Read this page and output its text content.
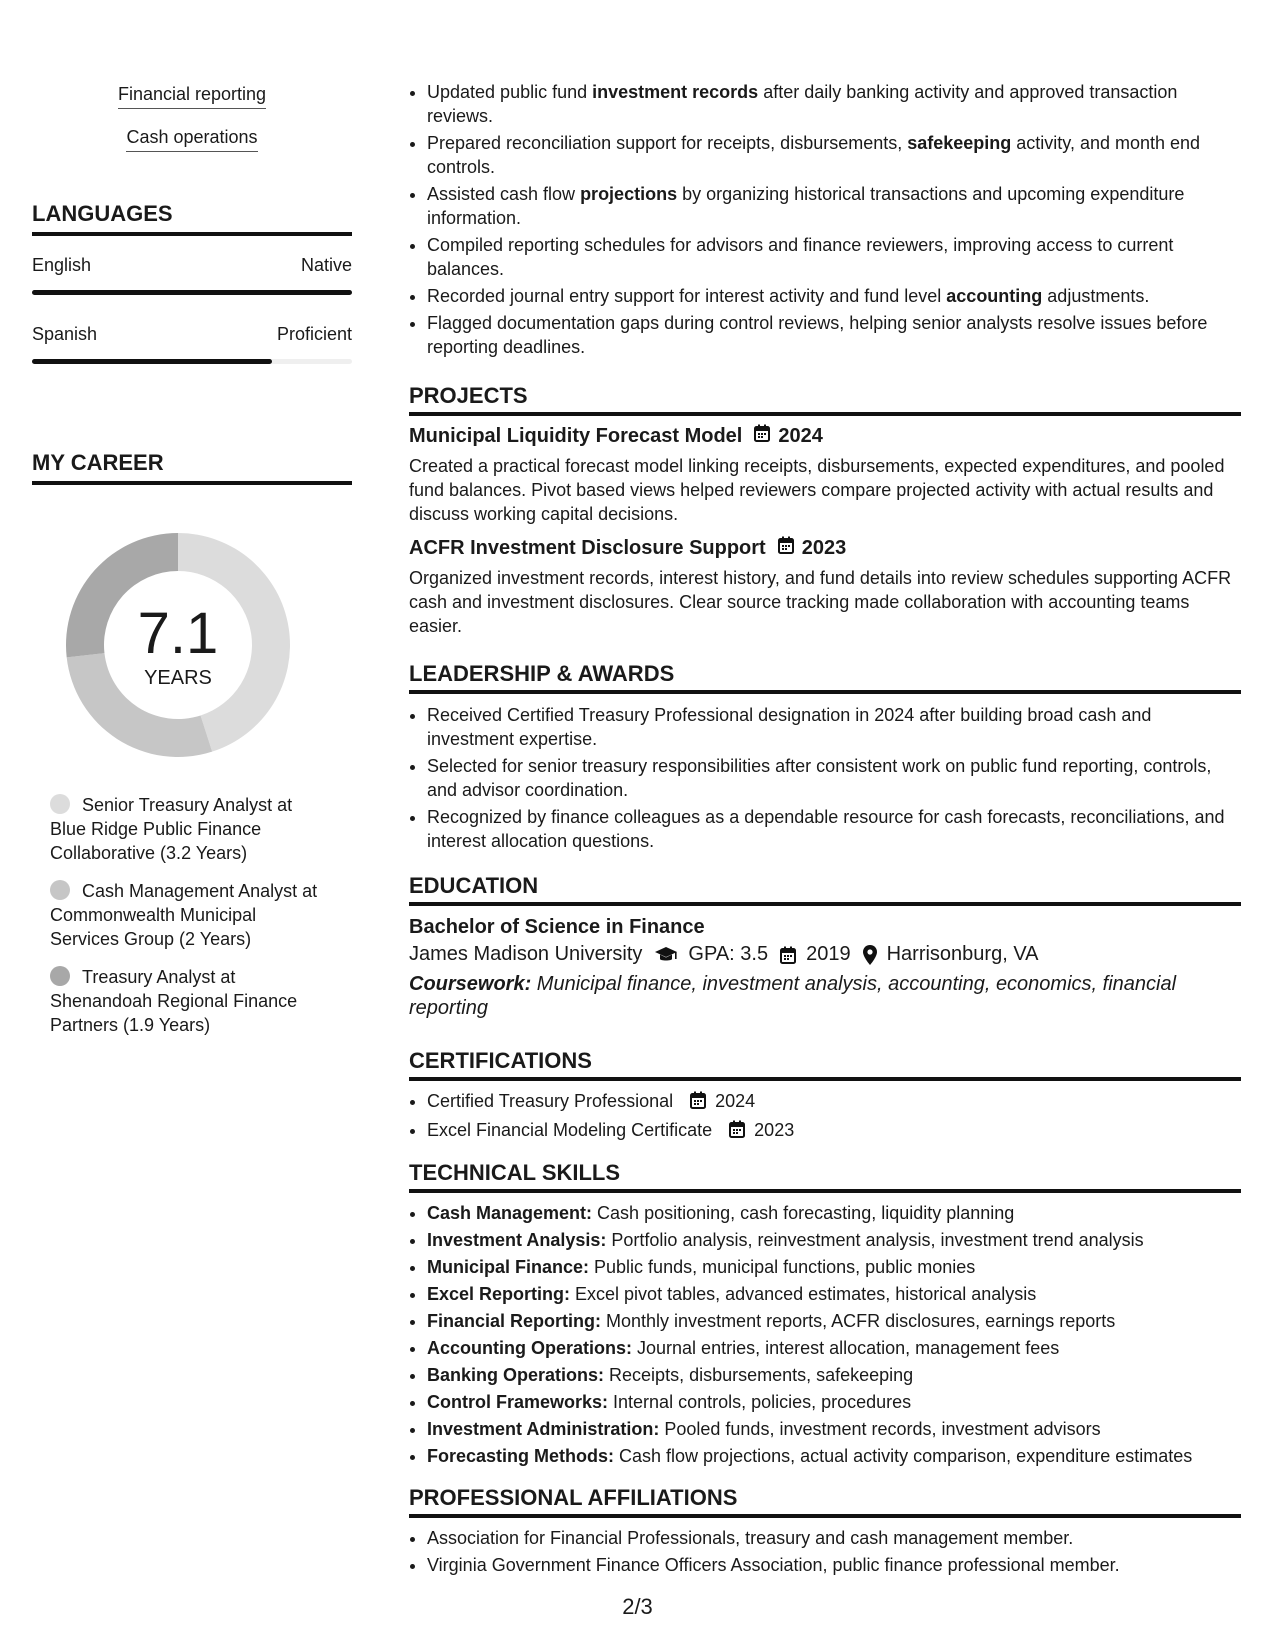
Financial reporting
Cash operations
LANGUAGES
English	Native
Spanish	Proficient
MY CAREER
7.1
YEARS
Senior Treasury Analyst at Blue Ridge Public Finance Collaborative (3.2 Years)
Cash Management Analyst at Commonwealth Municipal Services Group (2 Years)
Treasury Analyst at Shenandoah Regional Finance Partners (1.9 Years)
• Updated public fund investment records after daily banking activity and approved transaction reviews.
• Prepared reconciliation support for receipts, disbursements, safekeeping activity, and month end controls.
• Assisted cash flow projections by organizing historical transactions and upcoming expenditure information.
• Compiled reporting schedules for advisors and finance reviewers, improving access to current balances.
• Recorded journal entry support for interest activity and fund level accounting adjustments.
• Flagged documentation gaps during control reviews, helping senior analysts resolve issues before reporting deadlines.
PROJECTS
Municipal Liquidity Forecast Model 2024

Created a practical forecast model linking receipts, disbursements, expected expenditures, and pooled fund balances. Pivot based views helped reviewers compare projected activity with actual results and discuss working capital decisions.

ACFR Investment Disclosure Support 2023

Organized investment records, interest history, and fund details into review schedules supporting ACFR cash and investment disclosures. Clear source tracking made collaboration with accounting teams easier.

LEADERSHIP & AWARDS
• Received Certified Treasury Professional designation in 2024 after building broad cash and investment expertise.
• Selected for senior treasury responsibilities after consistent work on public fund reporting, controls, and advisor coordination.
• Recognized by finance colleagues as a dependable resource for cash forecasts, reconciliations, and interest allocation questions.
EDUCATION
Bachelor of Science in Finance
James Madison University GPA: 3.5 2019 Harrisonburg, VA
Coursework: Municipal finance, investment analysis, accounting, economics, financial reporting
CERTIFICATIONS
• Certified Treasury Professional 2024
• Excel Financial Modeling Certificate 2023
TECHNICAL SKILLS
• Cash Management: Cash positioning, cash forecasting, liquidity planning
• Investment Analysis: Portfolio analysis, reinvestment analysis, investment trend analysis
• Municipal Finance: Public funds, municipal functions, public monies
• Excel Reporting: Excel pivot tables, advanced estimates, historical analysis
• Financial Reporting: Monthly investment reports, ACFR disclosures, earnings reports
• Accounting Operations: Journal entries, interest allocation, management fees
• Banking Operations: Receipts, disbursements, safekeeping
• Control Frameworks: Internal controls, policies, procedures
• Investment Administration: Pooled funds, investment records, investment advisors
• Forecasting Methods: Cash flow projections, actual activity comparison, expenditure estimates
PROFESSIONAL AFFILIATIONS
• Association for Financial Professionals, treasury and cash management member.
• Virginia Government Finance Officers Association, public finance professional member.
2/3
